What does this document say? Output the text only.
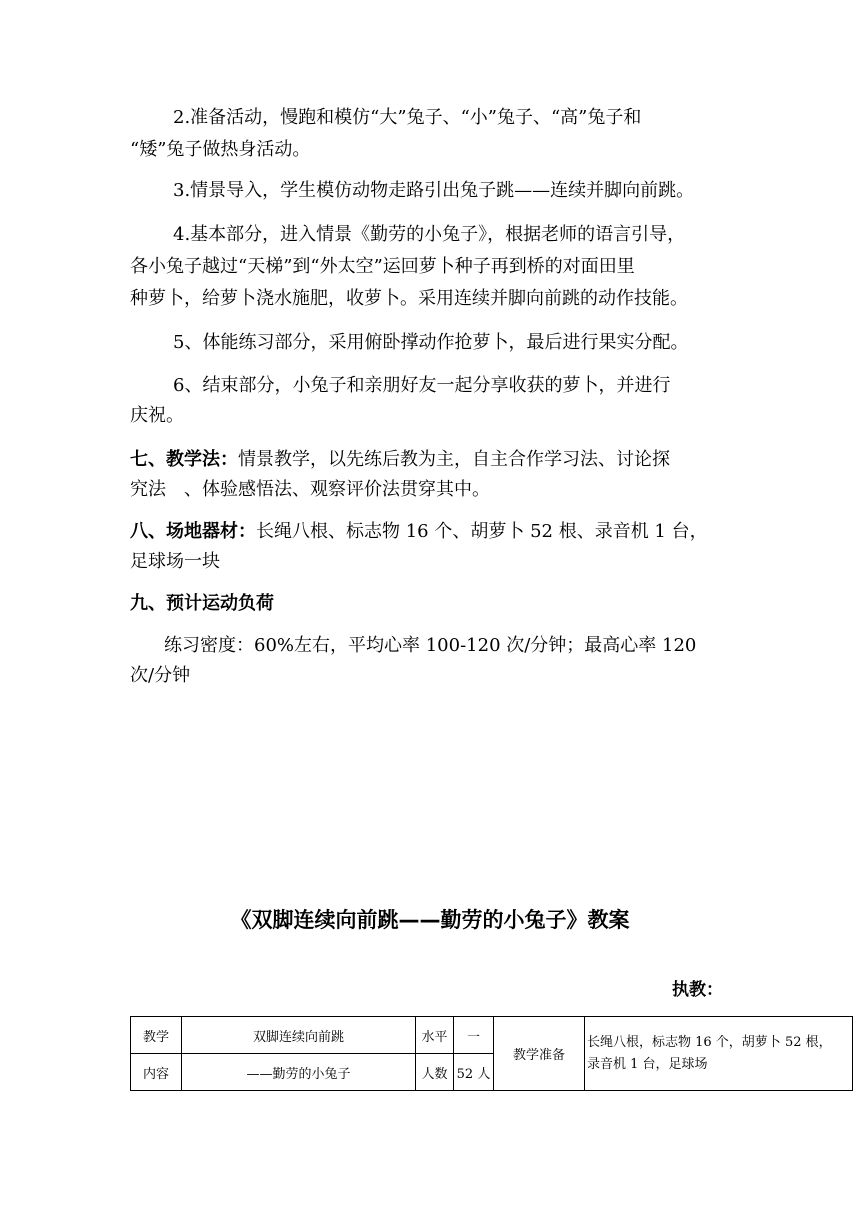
2.准备活动，慢跑和模仿“大”兔子、“小”兔子、“高”兔子和
“矮”兔子做热身活动。
3.情景导入，学生模仿动物走路引出兔子跳——连续并脚向前跳。
4.基本部分，进入情景《勤劳的小兔子》，根据老师的语言引导，
各小兔子越过“天梯”到“外太空”运回萝卜种子再到桥的对面田里
种萝卜，给萝卜浇水施肥，收萝卜。采用连续并脚向前跳的动作技能。
5、体能练习部分，采用俯卧撑动作抢萝卜，最后进行果实分配。
6、结束部分，小兔子和亲朋好友一起分享收获的萝卜，并进行
庆祝。
七、教学法：情景教学，以先练后教为主，自主合作学习法、讨论探
究法　、体验感悟法、观察评价法贯穿其中。
八、场地器材：长绳八根、标志物 16 个、胡萝卜 52 根、录音机 1 台，
足球场一块
九、预计运动负荷
练习密度：60%左右，平均心率 100-120 次/分钟；最高心率 120
次/分钟
《双脚连续向前跳——勤劳的小兔子》教案
执教：
教学	双脚连续向前跳	水平	一	教学准备	长绳八根，标志物 16 个，胡萝卜 52 根，
录音机 1 台，足球场

内容	——勤劳的小兔子	人数	52 人		
